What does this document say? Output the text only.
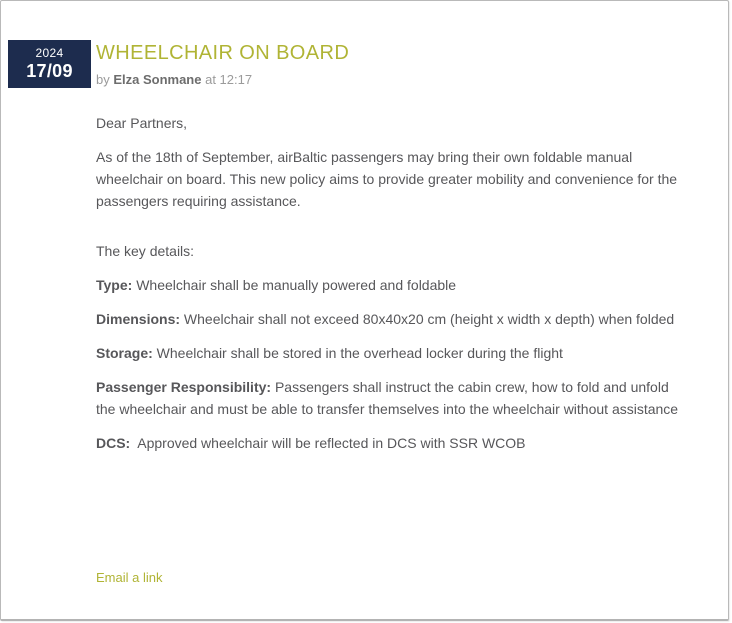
2024
17/09
WHEELCHAIR ON BOARD
by Elza Sonmane at 12:17

Dear Partners,

As of the 18th of September, airBaltic passengers may bring their own foldable manual wheelchair on board. This new policy aims to provide greater mobility and convenience for the passengers requiring assistance.

The key details:

Type: Wheelchair shall be manually powered and foldable

Dimensions: Wheelchair shall not exceed 80x40x20 cm (height x width x depth) when folded

Storage: Wheelchair shall be stored in the overhead locker during the flight

Passenger Responsibility: Passengers shall instruct the cabin crew, how to fold and unfold the wheelchair and must be able to transfer themselves into the wheelchair without assistance

DCS:  Approved wheelchair will be reflected in DCS with SSR WCOB

Email a link
